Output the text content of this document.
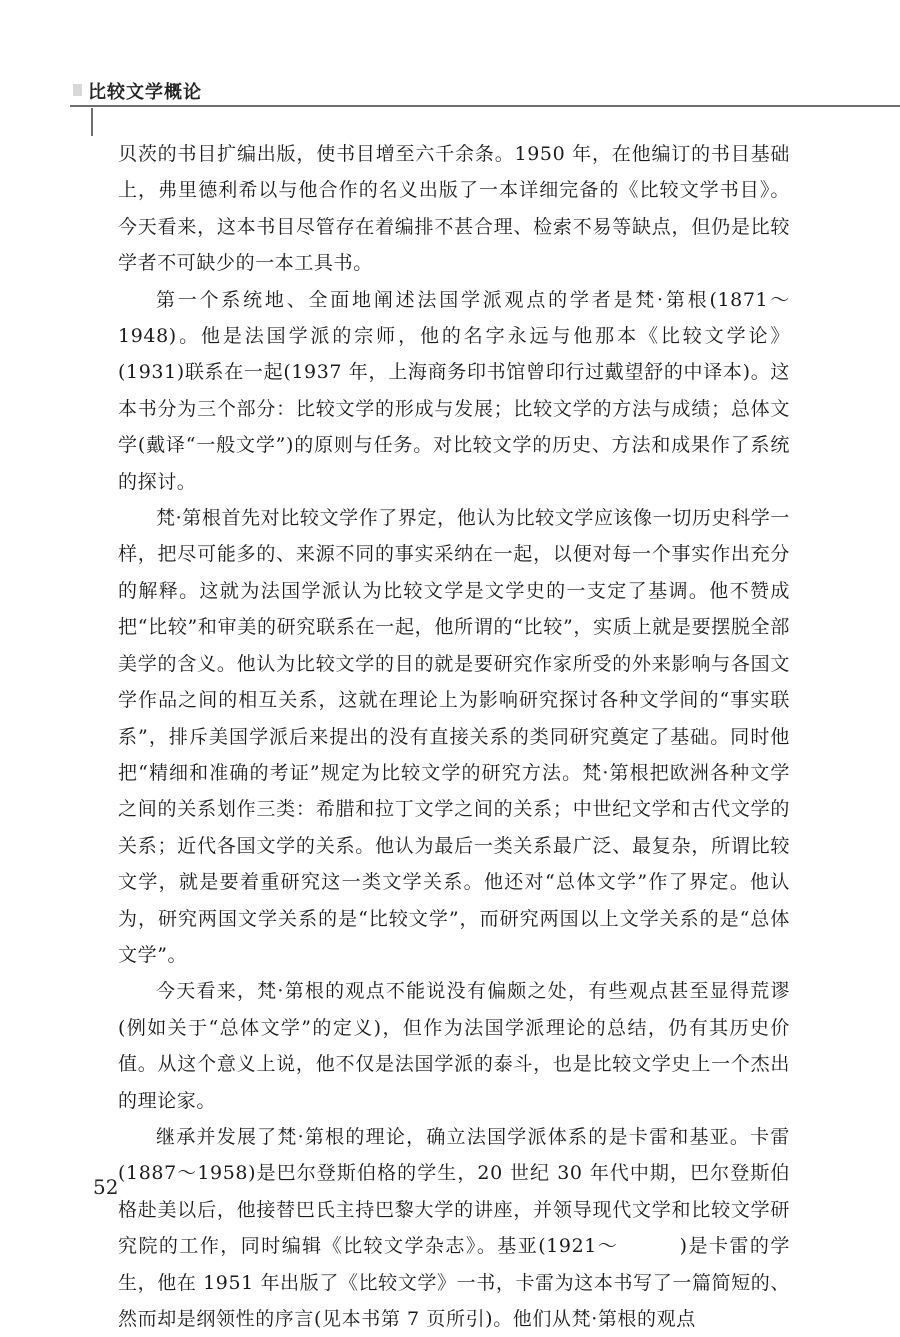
比较文学概论

贝茨的书目扩编出版，使书目增至六千余条。1950 年，在他编订的书目基础上，弗里德利希以与他合作的名义出版了一本详细完备的《比较文学书目》。今天看来，这本书目尽管存在着编排不甚合理、检索不易等缺点，但仍是比较学者不可缺少的一本工具书。

第一个系统地、全面地阐述法国学派观点的学者是梵·第根(1871～1948)。他是法国学派的宗师，他的名字永远与他那本《比较文学论》(1931)联系在一起(1937 年，上海商务印书馆曾印行过戴望舒的中译本)。这本书分为三个部分：比较文学的形成与发展；比较文学的方法与成绩；总体文学(戴译“一般文学”)的原则与任务。对比较文学的历史、方法和成果作了系统的探讨。

梵·第根首先对比较文学作了界定，他认为比较文学应该像一切历史科学一样，把尽可能多的、来源不同的事实采纳在一起，以便对每一个事实作出充分的解释。这就为法国学派认为比较文学是文学史的一支定了基调。他不赞成把“比较”和审美的研究联系在一起，他所谓的“比较”，实质上就是要摆脱全部美学的含义。他认为比较文学的目的就是要研究作家所受的外来影响与各国文学作品之间的相互关系，这就在理论上为影响研究探讨各种文学间的“事实联系”，排斥美国学派后来提出的没有直接关系的类同研究奠定了基础。同时他把“精细和准确的考证”规定为比较文学的研究方法。梵·第根把欧洲各种文学之间的关系划作三类：希腊和拉丁文学之间的关系；中世纪文学和古代文学的关系；近代各国文学的关系。他认为最后一类关系最广泛、最复杂，所谓比较文学，就是要着重研究这一类文学关系。他还对“总体文学”作了界定。他认为，研究两国文学关系的是“比较文学”，而研究两国以上文学关系的是“总体文学”。

今天看来，梵·第根的观点不能说没有偏颇之处，有些观点甚至显得荒谬(例如关于“总体文学”的定义)，但作为法国学派理论的总结，仍有其历史价值。从这个意义上说，他不仅是法国学派的泰斗，也是比较文学史上一个杰出的理论家。

继承并发展了梵·第根的理论，确立法国学派体系的是卡雷和基亚。卡雷(1887～1958)是巴尔登斯伯格的学生，20 世纪 30 年代中期，巴尔登斯伯格赴美以后，他接替巴氏主持巴黎大学的讲座，并领导现代文学和比较文学研究院的工作，同时编辑《比较文学杂志》。基亚(1921～　　　)是卡雷的学生，他在 1951 年出版了《比较文学》一书，卡雷为这本书写了一篇简短的、然而却是纲领性的序言(见本书第 7 页所引)。他们从梵·第根的观点

52
